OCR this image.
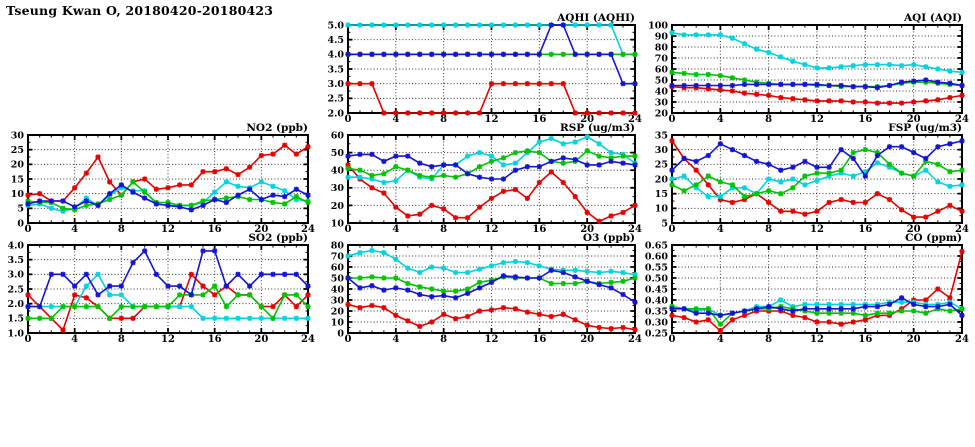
Tseung Kwan O, 20180420-20180423	AQHI (AQHI)
2.0
2.5
3.0
3.5
4.0
4.5
5.0
0	4	8	12	16	20	24
AQI (AQI)
20
30
40
50
60
70
80
90
100
0	4	8	12	16	20	24
NO2 (ppb)
0
5
10
15
20
25
30
0	4	8	12	16	20	24
RSP (ug/m3)
10
20
30
40
50
60
0	4	8	12	16	20	24
FSP (ug/m3)
5
10
15
20
25
30
35
0	4	8	12	16	20	24
SO2 (ppb)
1.0
1.5
2.0
2.5
3.0
3.5
4.0
0	4	8	12	16	20	24
O3 (ppb)
0
10
20
30
40
50
60
70
80
0	4	8	12	16	20	24
CO (ppm)
0.25
0.30
0.35
0.40
0.45
0.50
0.55
0.60
0.65
0	4	8	12	16	20	24
